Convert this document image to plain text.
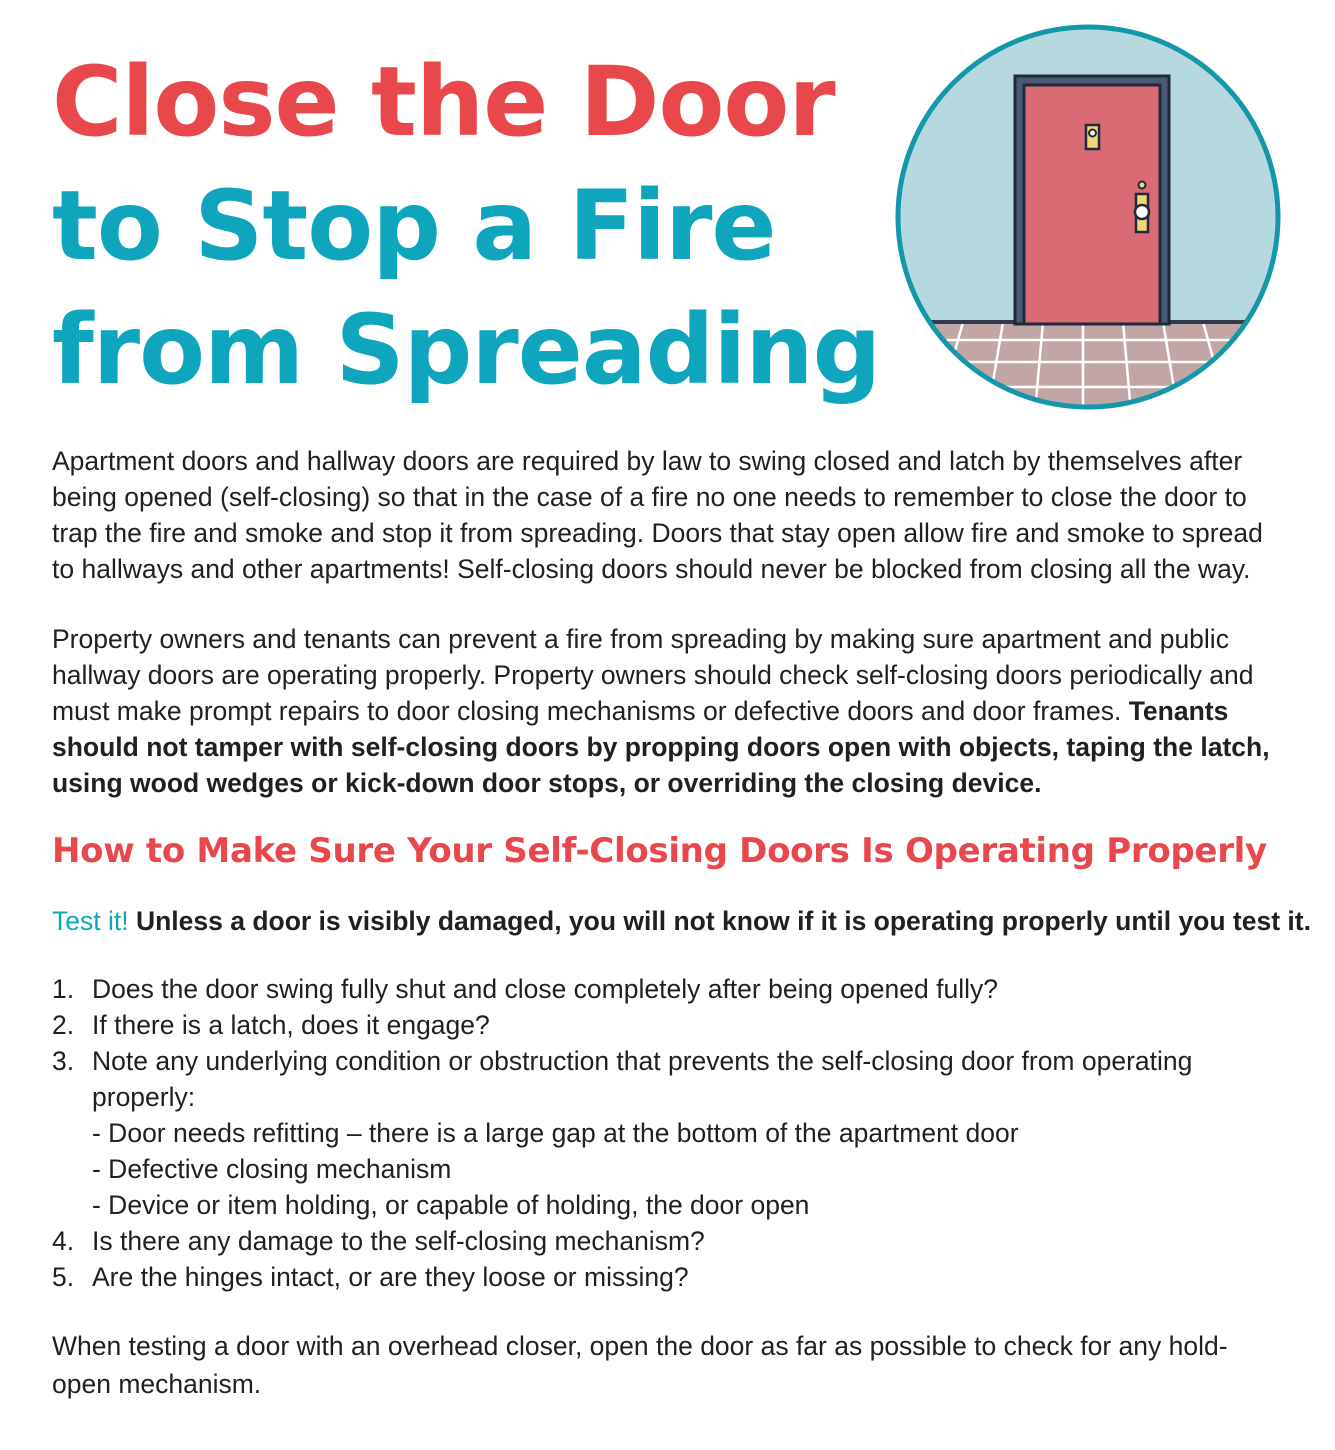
Close the Door
to Stop a Fire
from Spreading

Apartment doors and hallway doors are required by law to swing closed and latch by themselves after being opened (self-closing) so that in the case of a fire no one needs to remember to close the door to trap the fire and smoke and stop it from spreading. Doors that stay open allow fire and smoke to spread to hallways and other apartments! Self-closing doors should never be blocked from closing all the way.

Property owners and tenants can prevent a fire from spreading by making sure apartment and public hallway doors are operating properly. Property owners should check self-closing doors periodically and must make prompt repairs to door closing mechanisms or defective doors and door frames. Tenants should not tamper with self-closing doors by propping doors open with objects, taping the latch, using wood wedges or kick-down door stops, or overriding the closing device.

How to Make Sure Your Self-Closing Doors Is Operating Properly

Test it! Unless a door is visibly damaged, you will not know if it is operating properly until you test it.

1. Does the door swing fully shut and close completely after being opened fully?
2. If there is a latch, does it engage?
3. Note any underlying condition or obstruction that prevents the self-closing door from operating properly:
- Door needs refitting – there is a large gap at the bottom of the apartment door
- Defective closing mechanism
- Device or item holding, or capable of holding, the door open
4. Is there any damage to the self-closing mechanism?
5. Are the hinges intact, or are they loose or missing?

When testing a door with an overhead closer, open the door as far as possible to check for any hold-open mechanism.
